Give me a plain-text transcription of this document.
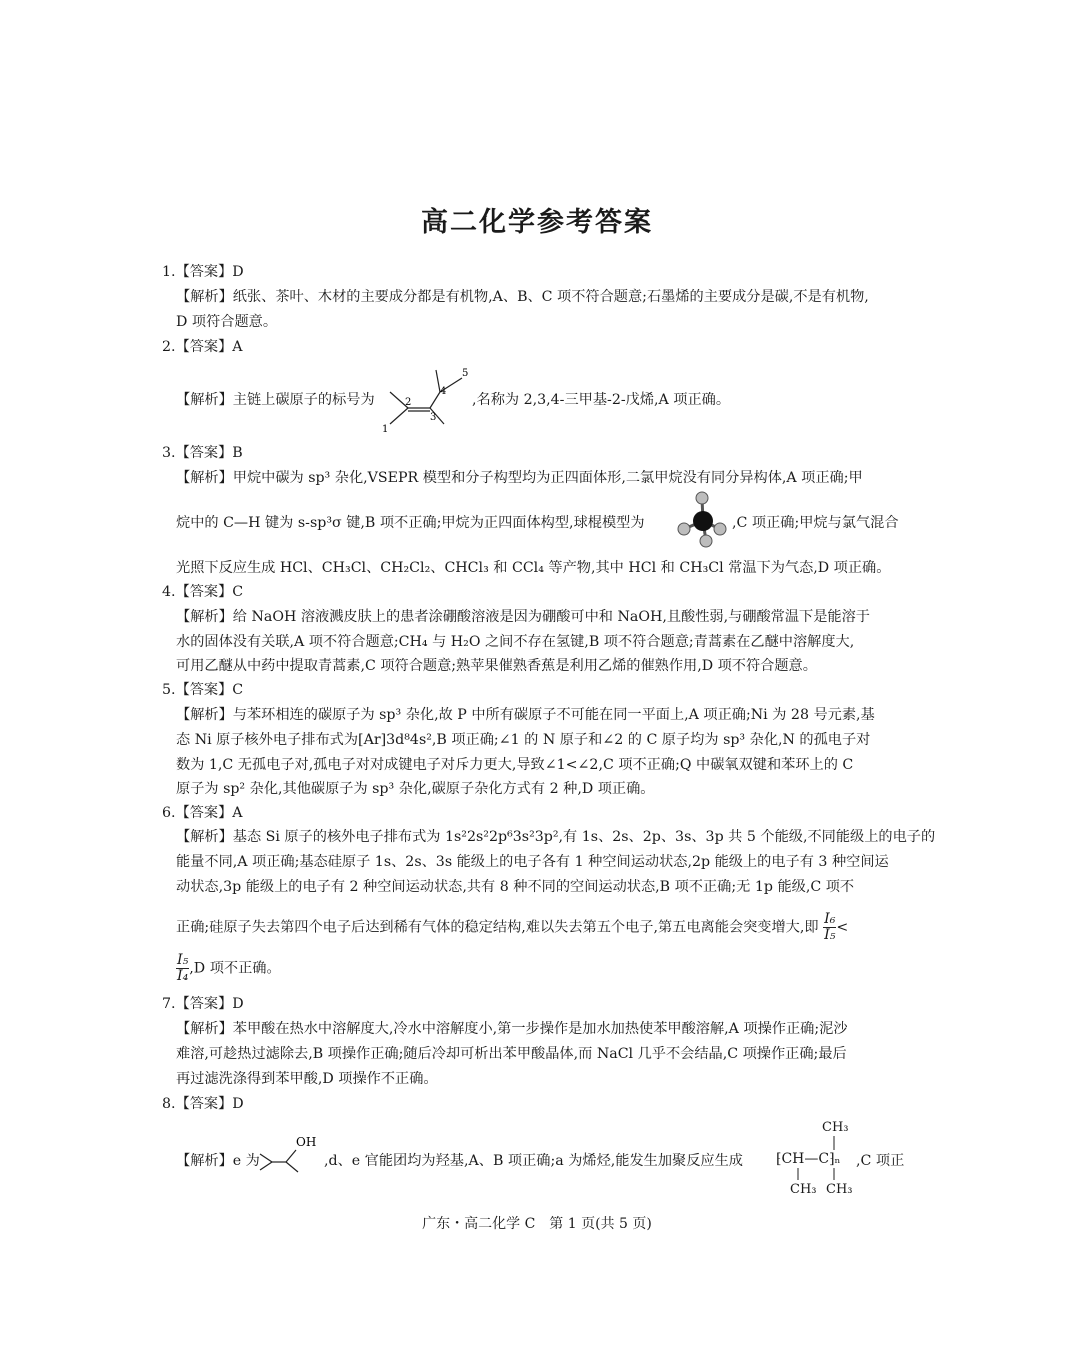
高二化学参考答案
1.【答案】D
【解析】纸张、茶叶、木材的主要成分都是有机物,A、B、C 项不符合题意;石墨烯的主要成分是碳,不是有机物,
D 项符合题意。
2.【答案】A
【解析】主链上碳原子的标号为
1
2
3
4
5
,名称为 2,3,4-三甲基-2-戊烯,A 项正确。
3.【答案】B
【解析】甲烷中碳为 sp³ 杂化,VSEPR 模型和分子构型均为正四面体形,二氯甲烷没有同分异构体,A 项正确;甲
烷中的 C—H 键为 s-sp³σ 键,B 项不正确;甲烷为正四面体构型,球棍模型为	,C 项正确;甲烷与氯气混合
光照下反应生成 HCl、CH₃Cl、CH₂Cl₂、CHCl₃ 和 CCl₄ 等产物,其中 HCl 和 CH₃Cl 常温下为气态,D 项正确。
4.【答案】C
【解析】给 NaOH 溶液溅皮肤上的患者涂硼酸溶液是因为硼酸可中和 NaOH,且酸性弱,与硼酸常温下是能溶于
水的固体没有关联,A 项不符合题意;CH₄ 与 H₂O 之间不存在氢键,B 项不符合题意;青蒿素在乙醚中溶解度大,
可用乙醚从中药中提取青蒿素,C 项符合题意;熟苹果催熟香蕉是利用乙烯的催熟作用,D 项不符合题意。
5.【答案】C
【解析】与苯环相连的碳原子为 sp³ 杂化,故 P 中所有碳原子不可能在同一平面上,A 项正确;Ni 为 28 号元素,基
态 Ni 原子核外电子排布式为[Ar]3d⁸4s²,B 项正确;∠1 的 N 原子和∠2 的 C 原子均为 sp³ 杂化,N 的孤电子对
数为 1,C 无孤电子对,孤电子对对成键电子对斥力更大,导致∠1<∠2,C 项不正确;Q 中碳氧双键和苯环上的 C
原子为 sp² 杂化,其他碳原子为 sp³ 杂化,碳原子杂化方式有 2 种,D 项正确。
6.【答案】A
【解析】基态 Si 原子的核外电子排布式为 1s²2s²2p⁶3s²3p²,有 1s、2s、2p、3s、3p 共 5 个能级,不同能级上的电子的
能量不同,A 项正确;基态硅原子 1s、2s、3s 能级上的电子各有 1 种空间运动状态,2p 能级上的电子有 3 种空间运
动状态,3p 能级上的电子有 2 种空间运动状态,共有 8 种不同的空间运动状态,B 项不正确;无 1p 能级,C 项不
正确;硅原子失去第四个电子后达到稀有气体的稳定结构,难以失去第五个电子,第五电离能会突变增大,即 $\frac{\text{I₆}}{\text{I₅}}$ <
$\frac{\text{I₅}}{\text{I₄}} ,D$ 项不正确。
7.【答案】D
【解析】苯甲酸在热水中溶解度大,冷水中溶解度小,第一步操作是加水加热使苯甲酸溶解,A 项操作正确;泥沙
难溶,可趁热过滤除去,B 项操作正确;随后冷却可析出苯甲酸晶体,而 NaCl 几乎不会结晶,C 项操作正确;最后
再过滤洗涤得到苯甲酸,D 项操作不正确。
8.【答案】D
【解析】e 为
OH
,d、e 官能团均为羟基,A、B 项正确;a 为烯烃,能发生加聚反应生成
CH₃
⁅CH—C⁆ₙ
CH₃ CH₃
,C 项正
广东・高二化学 C　第 1 页(共 5 页)
